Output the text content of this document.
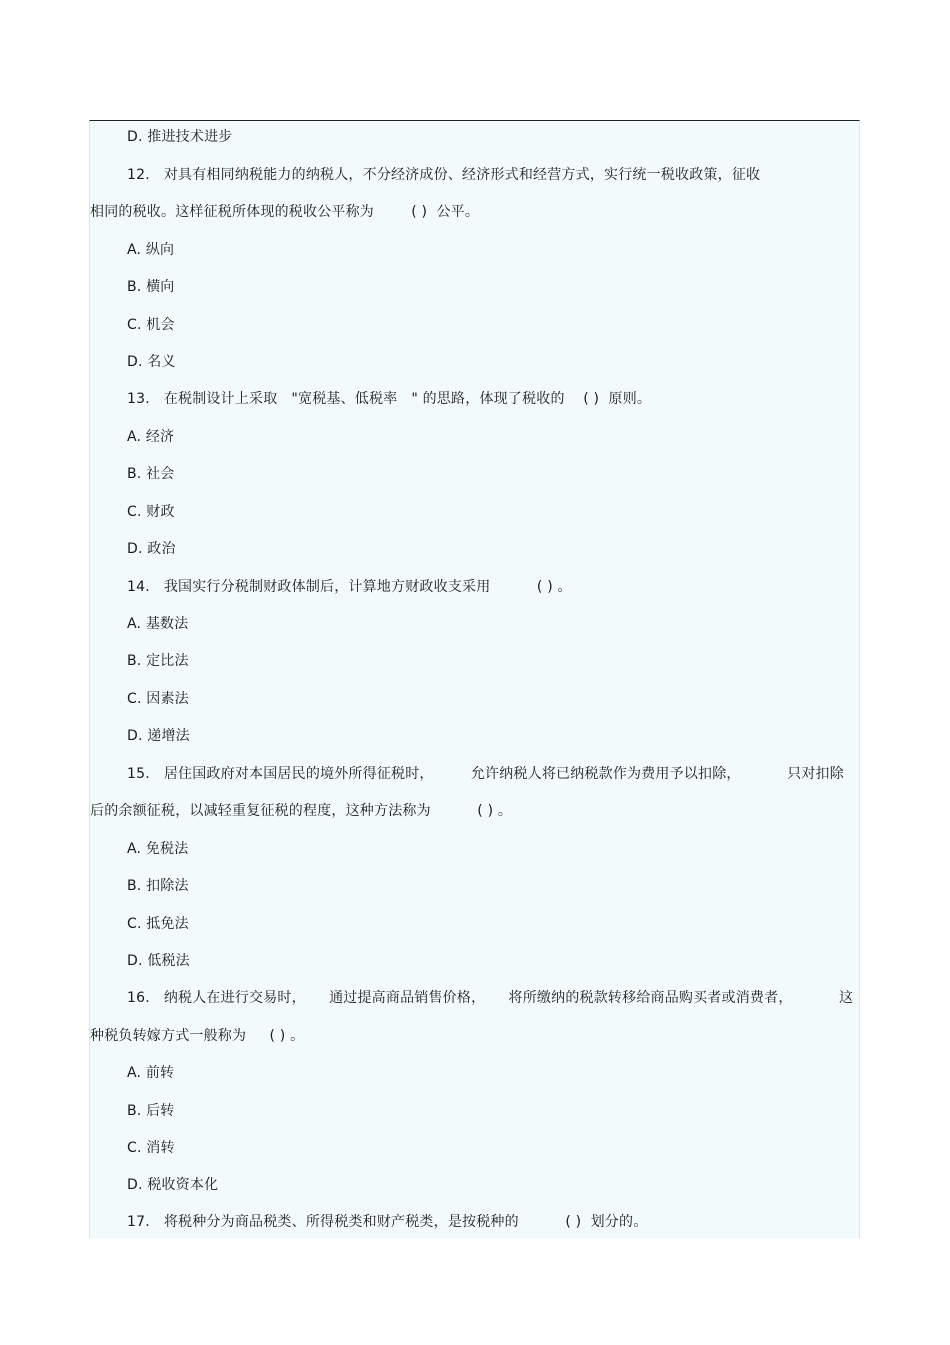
D. 推进技术进步
12.   对具有相同纳税能力的纳税人，不分经济成份、经济形式和经营方式，实行统一税收政策，征收
相同的税收。这样征税所体现的税收公平称为        ( )  公平。
A. 纵向
B. 横向
C. 机会
D. 名义
13.   在税制设计上采取   "宽税基、低税率   " 的思路，体现了税收的    ( )  原则。
A. 经济
B. 社会
C. 财政
D. 政治
14.   我国实行分税制财政体制后，计算地方财政收支采用          ( ) 。
A. 基数法
B. 定比法
C. 因素法
D. 递增法
15.   居住国政府对本国居民的境外所得征税时，        允许纳税人将已纳税款作为费用予以扣除，          只对扣除
后的余额征税，以减轻重复征税的程度，这种方法称为          ( ) 。
A. 免税法
B. 扣除法
C. 抵免法
D. 低税法
16.   纳税人在进行交易时，     通过提高商品销售价格，     将所缴纳的税款转移给商品购买者或消费者，          这
种税负转嫁方式一般称为     ( ) 。
A. 前转
B. 后转
C. 消转
D. 税收资本化
17.   将税种分为商品税类、所得税类和财产税类，是按税种的          ( )  划分的。
